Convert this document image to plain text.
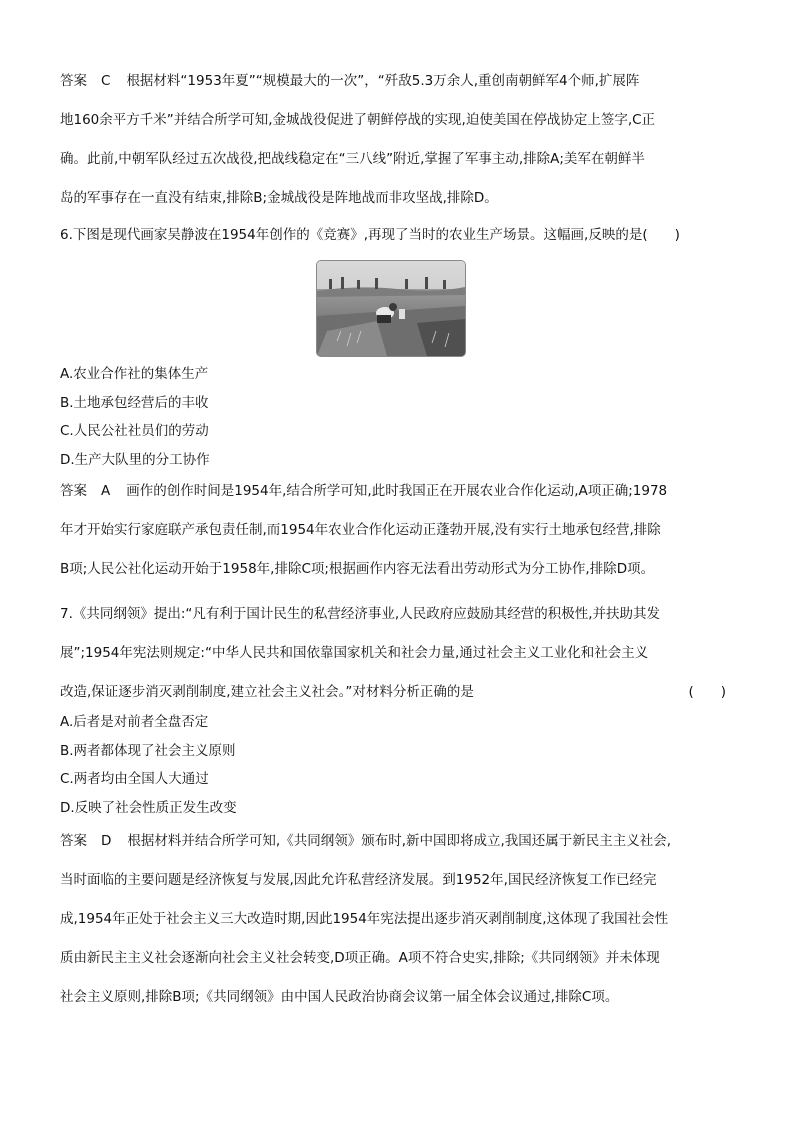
答案 C 根据材料“1953年夏”“规模最大的一次”，“歼敌5.3万余人,重创南朝鲜军4个师,扩展阵

地160余平方千米”并结合所学可知,金城战役促进了朝鲜停战的实现,迫使美国在停战协定上签字,C正

确。此前,中朝军队经过五次战役,把战线稳定在“三八线”附近,掌握了军事主动,排除A;美军在朝鲜半

岛的军事存在一直没有结束,排除B;金城战役是阵地战而非攻坚战,排除D。

6.下图是现代画家吴静波在1954年创作的《竞赛》,再现了当时的农业生产场景。这幅画,反映的是(　　)

A.农业合作社的集体生产

B.土地承包经营后的丰收

C.人民公社社员们的劳动

D.生产大队里的分工协作

答案 A 画作的创作时间是1954年,结合所学可知,此时我国正在开展农业合作化运动,A项正确;1978

年才开始实行家庭联产承包责任制,而1954年农业合作化运动正蓬勃开展,没有实行土地承包经营,排除

B项;人民公社化运动开始于1958年,排除C项;根据画作内容无法看出劳动形式为分工协作,排除D项。

7.《共同纲领》提出:“凡有利于国计民生的私营经济事业,人民政府应鼓励其经营的积极性,并扶助其发

展”;1954年宪法则规定:“中华人民共和国依靠国家机关和社会力量,通过社会主义工业化和社会主义

改造,保证逐步消灭剥削制度,建立社会主义社会。”对材料分析正确的是	(　　)

A.后者是对前者全盘否定

B.两者都体现了社会主义原则

C.两者均由全国人大通过

D.反映了社会性质正发生改变

答案 D 根据材料并结合所学可知,《共同纲领》颁布时,新中国即将成立,我国还属于新民主主义社会,

当时面临的主要问题是经济恢复与发展,因此允许私营经济发展。到1952年,国民经济恢复工作已经完

成,1954年正处于社会主义三大改造时期,因此1954年宪法提出逐步消灭剥削制度,这体现了我国社会性

质由新民主主义社会逐渐向社会主义社会转变,D项正确。A项不符合史实,排除;《共同纲领》并未体现

社会主义原则,排除B项;《共同纲领》由中国人民政治协商会议第一届全体会议通过,排除C项。
